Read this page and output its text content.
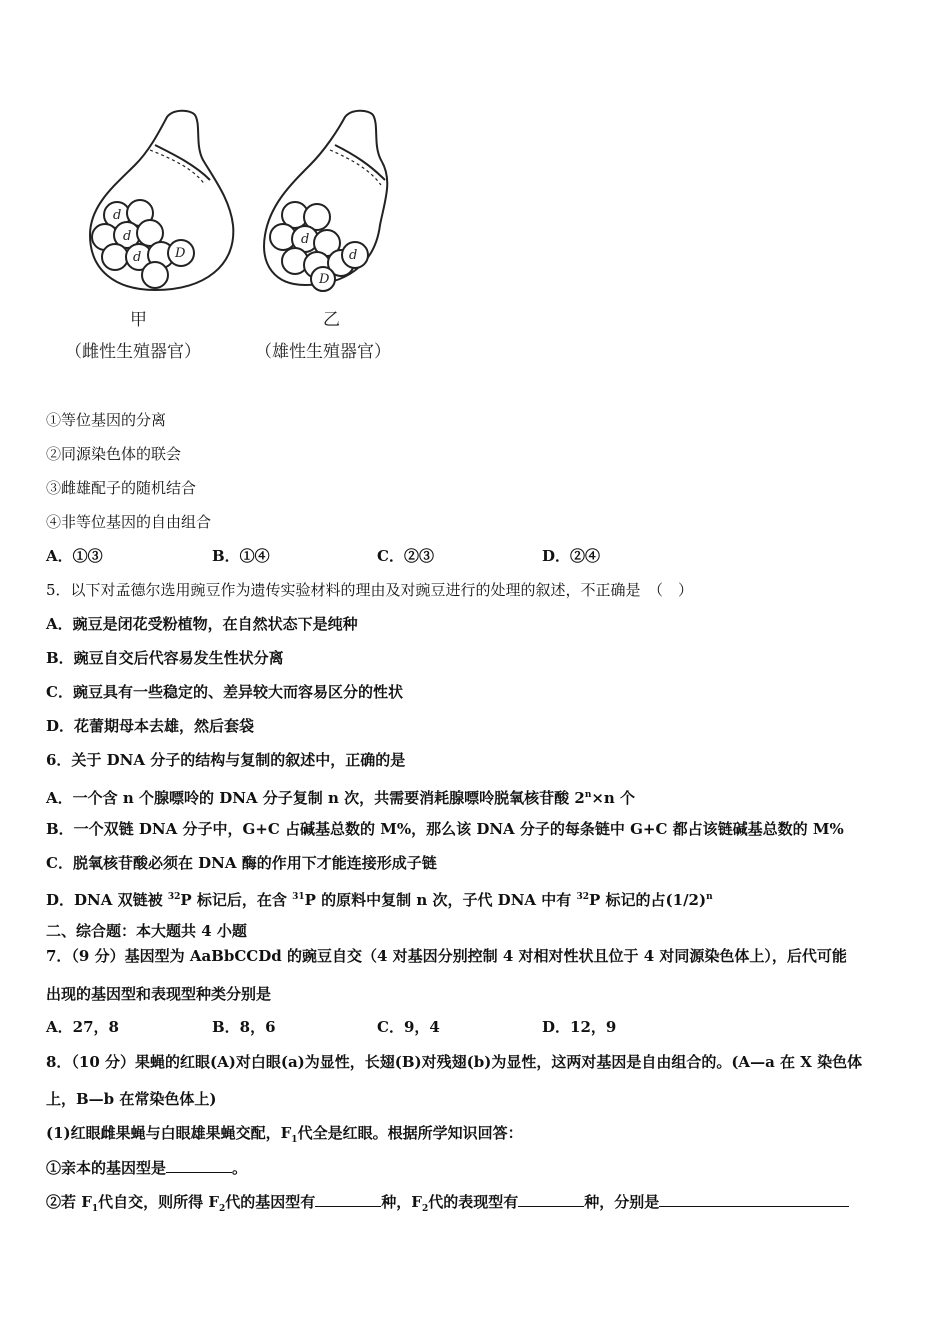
d
d
d	D
d
d
D
甲
（雌性生殖器官）
乙
（雄性生殖器官）
①等位基因的分离
②同源染色体的联会
③雌雄配子的随机结合
④非等位基因的自由组合
A．①③	B．①④	C．②③	D．②④
5．以下对孟德尔选用豌豆作为遗传实验材料的理由及对豌豆进行的处理的叙述，不正确是　（　）
A．豌豆是闭花受粉植物，在自然状态下是纯种
B．豌豆自交后代容易发生性状分离
C．豌豆具有一些稳定的、差异较大而容易区分的性状
D．花蕾期母本去雄，然后套袋
6．关于 DNA 分子的结构与复制的叙述中，正确的是
A．一个含 n 个腺嘌呤的 DNA 分子复制 n 次，共需要消耗腺嘌呤脱氧核苷酸 $2^n\times n$ 个
B．一个双链 DNA 分子中，G+C 占碱基总数的 M%，那么该 DNA 分子的每条链中 G+C 都占该链碱基总数的 M%
C．脱氧核苷酸必须在 DNA 酶的作用下才能连接形成子链
D．DNA 双链被 $^{32}$P 标记后，在含 $^{31}$P 的原料中复制 n 次，子代 DNA 中有 $^{32}$P 标记的占$(1/2)^n$
二、综合题：本大题共 4 小题
7．（9 分）基因型为 AaBbCCDd 的豌豆自交（4 对基因分别控制 4 对相对性状且位于 4 对同源染色体上），后代可能
出现的基因型和表现型种类分别是
A．27，8	B．8，6	C．9，4	D．12，9
8．（10 分）果蝇的红眼(A)对白眼(a)为显性，长翅(B)对残翅(b)为显性，这两对基因是自由组合的。(A—a 在 X 染色体
上，B—b 在常染色体上)
(1)红眼雌果蝇与白眼雄果蝇交配，$F_1$代全是红眼。根据所学知识回答：
①亲本的基因型是	。
②若 $F_1$代自交，则所得 $F_2$代的基因型有	种，$F_2$代的表现型有	种，分别是
